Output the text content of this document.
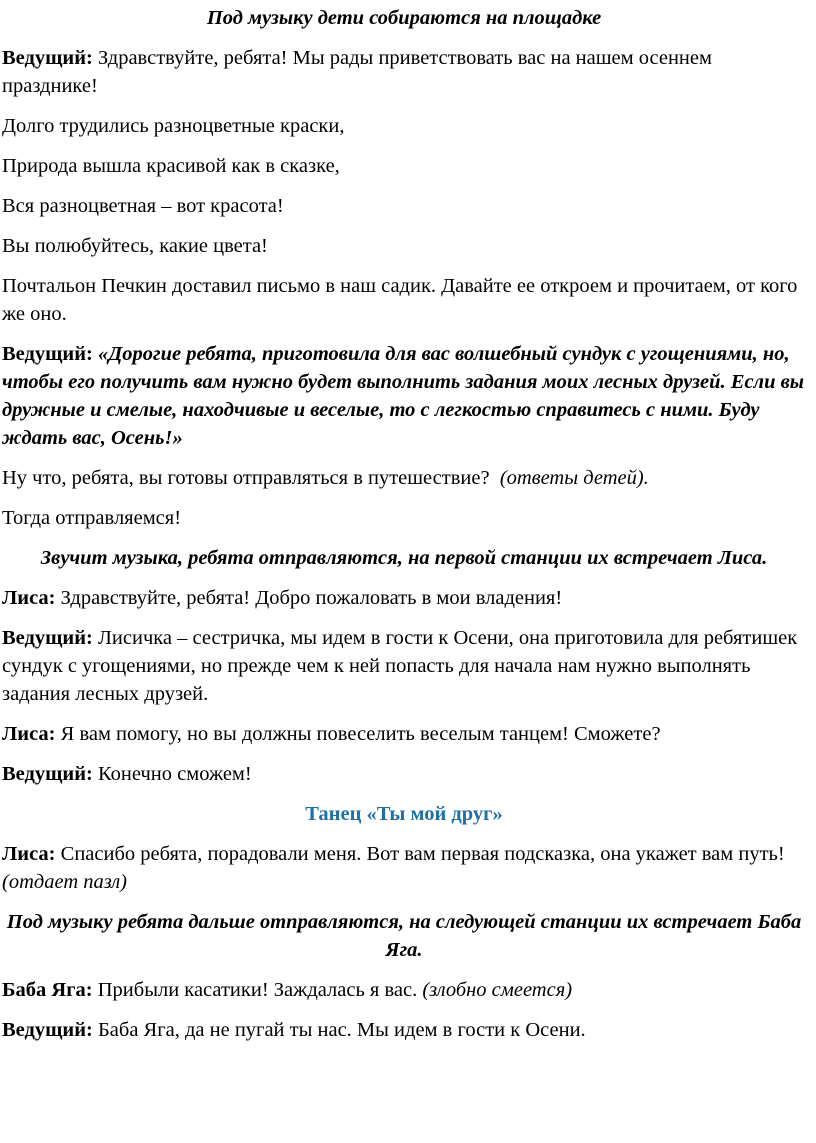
Под музыку дети собираются на площадке

Ведущий: Здравствуйте, ребята! Мы рады приветствовать вас на нашем осеннем празднике!

Долго трудились разноцветные краски,

Природа вышла красивой как в сказке,

Вся разноцветная – вот красота!

Вы полюбуйтесь, какие цвета!

Почтальон Печкин доставил письмо в наш садик. Давайте ее откроем и прочитаем, от кого же оно.

Ведущий: «Дорогие ребята, приготовила для вас волшебный сундук с угощениями, но, чтобы его получить вам нужно будет выполнить задания моих лесных друзей. Если вы дружные и смелые, находчивые и веселые, то с легкостью справитесь с ними. Буду ждать вас, Осень!»

Ну что, ребята, вы готовы отправляться в путешествие?  (ответы детей).

Тогда отправляемся!

Звучит музыка, ребята отправляются, на первой станции их встречает Лиса.

Лиса: Здравствуйте, ребята! Добро пожаловать в мои владения!

Ведущий: Лисичка – сестричка, мы идем в гости к Осени, она приготовила для ребятишек сундук с угощениями, но прежде чем к ней попасть для начала нам нужно выполнять задания лесных друзей.

Лиса: Я вам помогу, но вы должны повеселить веселым танцем! Сможете?

Ведущий: Конечно сможем!

Танец «Ты мой друг»

Лиса: Спасибо ребята, порадовали меня. Вот вам первая подсказка, она укажет вам путь! (отдает пазл)

Под музыку ребята дальше отправляются, на следующей станции их встречает Баба Яга.

Баба Яга: Прибыли касатики! Заждалась я вас. (злобно смеется)

Ведущий: Баба Яга, да не пугай ты нас. Мы идем в гости к Осени.
